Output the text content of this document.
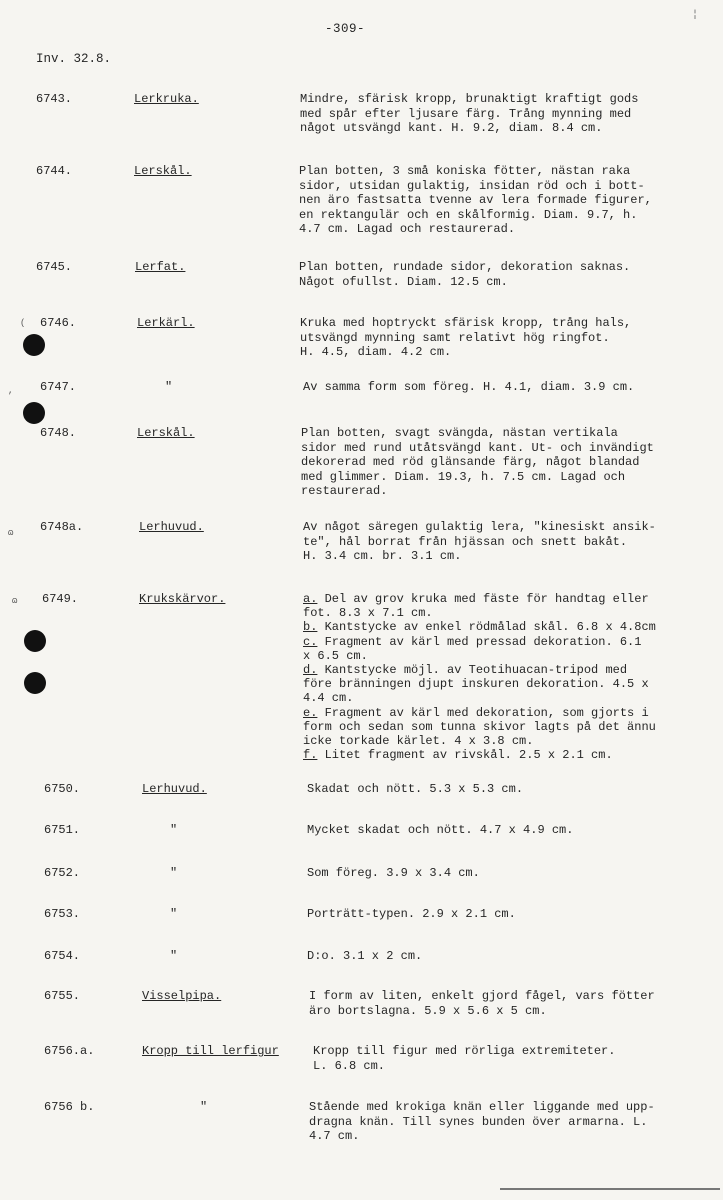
¦
-309-
Inv. 32.8.
6743.	Lerkruka.	Mindre, sfärisk kropp, brunaktigt kraftigt gods
med spår efter ljusare färg. Trång mynning med
något utsvängd kant. H. 9.2, diam. 8.4 cm.
6744.	Lerskål.	Plan botten, 3 små koniska fötter, nästan raka
sidor, utsidan gulaktig, insidan röd och i bott-
nen äro fastsatta tvenne av lera formade figurer,
en rektangulär och en skålformig. Diam. 9.7, h.
4.7 cm. Lagad och restaurerad.
6745.	Lerfat.	Plan botten, rundade sidor, dekoration saknas.
Något ofullst. Diam. 12.5 cm.
6746.	Lerkärl.	Kruka med hoptryckt sfärisk kropp, trång hals,
utsvängd mynning samt relativt hög ringfot.
H. 4.5, diam. 4.2 cm.
6747.	"	Av samma form som föreg. H. 4.1, diam. 3.9 cm.
6748.	Lerskål.	Plan botten, svagt svängda, nästan vertikala
sidor med rund utåtsvängd kant. Ut- och invändigt
dekorerad med röd glänsande färg, något blandad
med glimmer. Diam. 19.3, h. 7.5 cm. Lagad och
restaurerad.
6748a.	Lerhuvud.	Av något säregen gulaktig lera, "kinesiskt ansik-
te", hål borrat från hjässan och snett bakåt.
H. 3.4 cm. br. 3.1 cm.
6749.	Krukskärvor.	a. Del av grov kruka med fäste för handtag eller
fot. 8.3 x 7.1 cm.
b. Kantstycke av enkel rödmålad skål. 6.8 x 4.8cm
c. Fragment av kärl med pressad dekoration. 6.1
x 6.5 cm.
d. Kantstycke möjl. av Teotihuacan-tripod med
före bränningen djupt inskuren dekoration. 4.5 x
4.4 cm.
e. Fragment av kärl med dekoration, som gjorts i
form och sedan som tunna skivor lagts på det ännu
icke torkade kärlet. 4 x 3.8 cm.
f. Litet fragment av rivskål. 2.5 x 2.1 cm.
6750.	Lerhuvud.	Skadat och nött. 5.3 x 5.3 cm.
6751.	"	Mycket skadat och nött. 4.7 x 4.9 cm.
6752.	"	Som föreg. 3.9 x 3.4 cm.
6753.	"	Porträtt-typen. 2.9 x 2.1 cm.
6754.	"	D:o. 3.1 x 2 cm.
6755.	Visselpipa.	I form av liten, enkelt gjord fågel, vars fötter
äro bortslagna. 5.9 x 5.6 x 5 cm.
6756.a.	Kropp till lerfigur	Kropp till figur med rörliga extremiteter.
L. 6.8 cm.
6756 b.	"	Stående med krokiga knän eller liggande med upp-
dragna knän. Till synes bunden över armarna. L.
4.7 cm.
(
,
ɷ
ɷ
